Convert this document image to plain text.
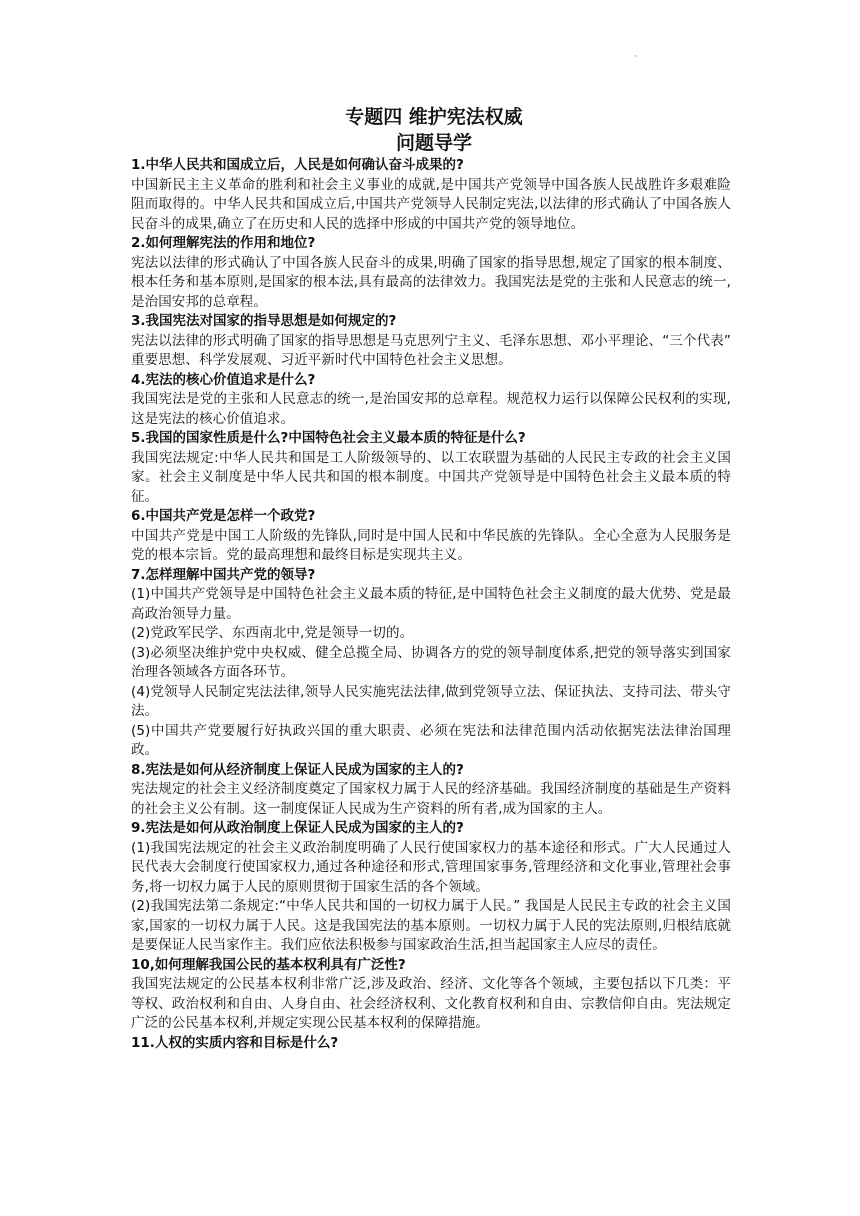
·
专题四 维护宪法权威
问题导学

1.中华人民共和国成立后，人民是如何确认奋斗成果的?

中国新民主主义革命的胜利和社会主义事业的成就,是中国共产党领导中国各族人民战胜许多艰难险阻而取得的。中华人民共和国成立后,中国共产党领导人民制定宪法,以法律的形式确认了中国各族人民奋斗的成果,确立了在历史和人民的选择中形成的中国共产党的领导地位。

2.如何理解宪法的作用和地位?

宪法以法律的形式确认了中国各族人民奋斗的成果,明确了国家的指导思想,规定了国家的根本制度、根本任务和基本原则,是国家的根本法,具有最高的法律效力。我国宪法是党的主张和人民意志的统一,是治国安邦的总章程。

3.我国宪法对国家的指导思想是如何规定的?

宪法以法律的形式明确了国家的指导思想是马克思列宁主义、毛泽东思想、邓小平理论、“三个代表” 重要思想、科学发展观、习近平新时代中国特色社会主义思想。

4.宪法的核心价值追求是什么?

我国宪法是党的主张和人民意志的统一,是治国安邦的总章程。规范权力运行以保障公民权利的实现,这是宪法的核心价值追求。

5.我国的国家性质是什么?中国特色社会主义最本质的特征是什么?

我国宪法规定:中华人民共和国是工人阶级领导的、以工农联盟为基础的人民民主专政的社会主义国家。社会主义制度是中华人民共和国的根本制度。中国共产党领导是中国特色社会主义最本质的特征。

6.中国共产党是怎样一个政党?

中国共产党是中国工人阶级的先锋队,同时是中国人民和中华民族的先锋队。全心全意为人民服务是党的根本宗旨。党的最高理想和最终目标是实现共主义。

7.怎样理解中国共产党的领导?

(1)中国共产党领导是中国特色社会主义最本质的特征,是中国特色社会主义制度的最大优势、党是最高政治领导力量。

(2)党政军民学、东西南北中,党是领导一切的。

(3)必须坚决维护党中央权威、健全总揽全局、协调各方的党的领导制度体系,把党的领导落实到国家治理各领域各方面各环节。

(4)党领导人民制定宪法法律,领导人民实施宪法法律,做到党领导立法、保证执法、支持司法、带头守法。

(5)中国共产党要履行好执政兴国的重大职责、必须在宪法和法律范围内活动依据宪法法律治国理政。

8.宪法是如何从经济制度上保证人民成为国家的主人的?

宪法规定的社会主义经济制度奠定了国家权力属于人民的经济基础。我国经济制度的基础是生产资料的社会主义公有制。这一制度保证人民成为生产资料的所有者,成为国家的主人。

9.宪法是如何从政治制度上保证人民成为国家的主人的?

(1)我国宪法规定的社会主义政治制度明确了人民行使国家权力的基本途径和形式。广大人民通过人民代表大会制度行使国家权力,通过各种途径和形式,管理国家事务,管理经济和文化事业,管理社会事务,将一切权力属于人民的原则贯彻于国家生活的各个领域。

(2)我国宪法第二条规定:“中华人民共和国的一切权力属于人民。” 我国是人民民主专政的社会主义国家,国家的一切权力属于人民。这是我国宪法的基本原则。一切权力属于人民的宪法原则,归根结底就是要保证人民当家作主。我们应依法积极参与国家政治生活,担当起国家主人应尽的责任。

10,如何理解我国公民的基本权利具有广泛性?

我国宪法规定的公民基本权利非常广泛,涉及政治、经济、文化等各个领域，主要包括以下几类：平等权、政治权利和自由、人身自由、社会经济权利、文化教育权利和自由、宗教信仰自由。宪法规定广泛的公民基本权利,并规定实现公民基本权利的保障措施。

11.人权的实质内容和目标是什么?
